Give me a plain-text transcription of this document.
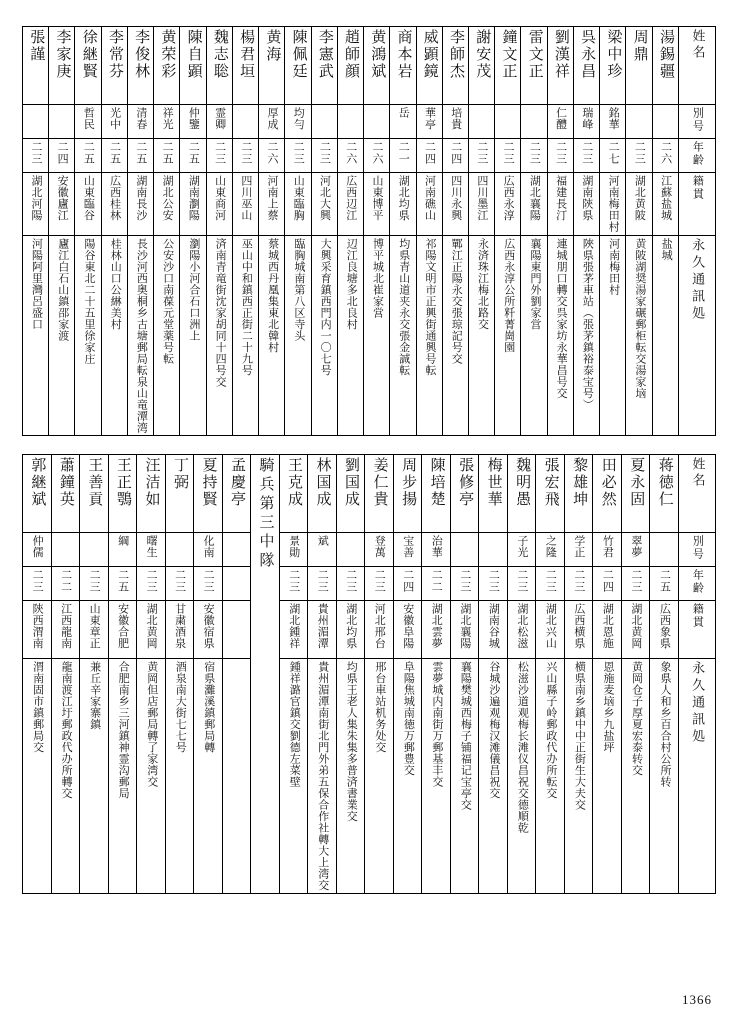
張謹	李家庚	徐継賢	李常芬	李俊林	黄荣彩	陳自顕	魏志聡	楊君垣	黄海	陳佩廷	李憲武	趙師顔	黄鴻斌	商本岩	威顕鏡	李師杰	謝安茂	鐘文正	雷文正	劉漢祥	呉永昌	梁中珍	周鼎	湯錫疆	姓名

		哲民	光中	清春	祥光	仲鑒	霊卿		厚成	均勻				岳	華亭	培貴				仁醴	瑞峰	銘華			別号

二三	二四	二五	二五	二五	二五	二五	二三	二三	二六	二三	二三	二六	二六	二一	二四	二四	二三	二三	二三	二三	二三	二七	二三	二六	年齢

湖北河陽	安徽廬江	山東臨谷	広西桂林	湖南長沙	湖北公安	湖南瀏陽	山東商河	四川巫山	河南上蔡	山東臨胸	河北大興	広西辺江	山東博平	湖北均県	河南礁山	四川永興	四川墨江	広西永淳	湖北襄陽	福建長汀	湖南陝県	河南梅田村	湖北黄陂	江蘇盐城	籍貫

河陽阿里灣呂盛口	廬江白石山鎮邵家渡	陽谷東北二十五里徐家庄	桂林山口公綝美村	長沙河西奥桐乡古塘郵局転泉山竜潭湾	公安沙口南葆元堂薬号転	瀏陽小河合石口洲上	済南青竜街沈家胡同十四号交	巫山中和鎮西正街二十九号	蔡城西丹凰集東北韓村	臨胸城南第八区寺头	大興采育鎮西門内一〇七号	辺江良塘多北良村	博平城北崔家営	均県青山道夹永交張金誠転	祁陽文明市正興街通興号転	鄲江正陽永交張琼記号交	永済珠江梅北路交	広西永淳公所粁菁崗園	襄陽東門外劉家営	連城朋口轉交呉家坊永華昌号交	陜県張茅車站（張茅鎮裕泰宝号）	河南梅田村	黄陂湖奨湯家碾郵柜転交湯家垴	盐城	永久通訊処
郭継斌	蕭鐘英	王善貢	王正鶚	汪洁如	丁弼	夏持賢	孟慶亭	騎兵第三中隊	王克成	林国成	劉国成	姜仁貴	周步揚	陳培楚	張修亭	梅世華	魏明愚	張宏飛	黎雄坤	田必然	夏永固	蒋徳仁	姓名

仲儒			綱	曙生		化南			景勛	斌		登萬	宝善	治華			子光	之隆	学正	竹君	翠夢		別号

二三	二二	二三	二五	二三	二三	二三			二三	二三	二三	二三	二四	二二	二三	二三	二三	二三	二三	二四	二三	二五	年齢

陝西渭南	江西龍南	山東章正	安徽合肥	湖北黄岡	甘粛酒泉	安徽宿県			湖北鍾祥	貴州湄潭	湖北均県	河北邢台	安徽阜陽	湖北雲夢	湖北襄陽	湖南谷城	湖北松滋	湖北兴山	広西横県	湖北恩施	湖北黄岡	広西象県	籍貫

渭南固市鎮郵局交	龍南渡江圩郵政代办所轉交	兼丘辛家寨鎮	合肥南乡三河鎮神霊沟郵局	黄岡但店郵局轉了家湾交	酒泉南大街七七号	宿県灘溪鎮郵局轉			鍾祥潞官鎮交劉德左菜壁	貴州湄潭南街北門外弟五保合作社轉大上湾交	均県王老人集朱集多普済書業交	邢台車站机务处交	阜陽焦城南徳万郵豊交	雲夢城内南街万郵基丰交	襄陽樊城西梅子铺福记宝亭交	谷城沙遍观梅汉滩儀昌祝交	松滋沙道观梅长滩仪昌祝交德順乾	兴山縣子岭郵政代办所転交	横県南乡鎮中中正街生大夫交	恩施麦垴乡九盐坪	黄岡仓子厚夏宏泰转交	象県人和乡百合村公所转	永久通訊処
1366
